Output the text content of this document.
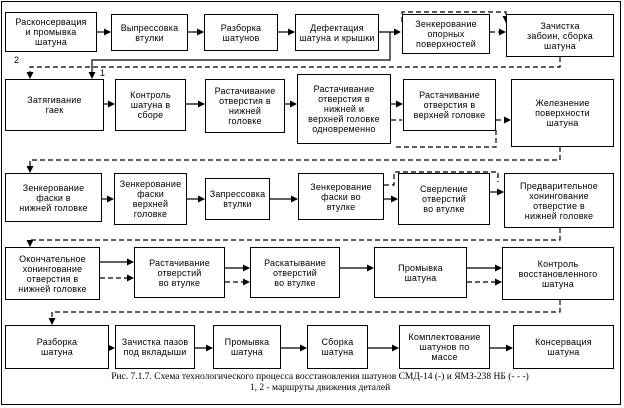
Расконсервация
и промывка
шатуна
Выпрессовка
втулки
Разборка
шатунов
Дефектация
шатуна и крышки
Зенкерование
опорных
поверхностей
Зачистка
забоин, сборка
шатуна
Затягивание
гаек
Контроль
шатуна в
сборе
Растачивание
отверстия в
нижней
головке
Растачивание
отверстия в
нижней и
верхней головке
одновременно
Растачивание
отверстия в
верхней головке
Железнение
поверхности
шатуна
Зенкерование
фаски в
нижней головке
Зенкерование
фаски
верхней
головке
Запрессовка
втулки
Зенкерование
фаски во
втулке
Сверление
отверстий
во втулке
Предварительное
хонингование
отверстие в
нижней головке
Окончательное
хонингование
отверстия в
нижней головке
Растачивание
отверстий
во втулке
Раскатывание
отверстий
во втулке
Промывка
шатуна
Контроль
восстановленного
шатуна
Разборка
шатуна
Зачистка пазов
под вкладыши
Промывка
шатуна
Сборка
шатуна
Комплектование
шатунов по
массе
Консервация
шатуна
1
2
Рис. 7.1.7. Схема технологического процесса восстановления шатунов СМД-14 (-) и ЯМЗ-238 НБ (- - -)
1, 2 - маршруты движения деталей
